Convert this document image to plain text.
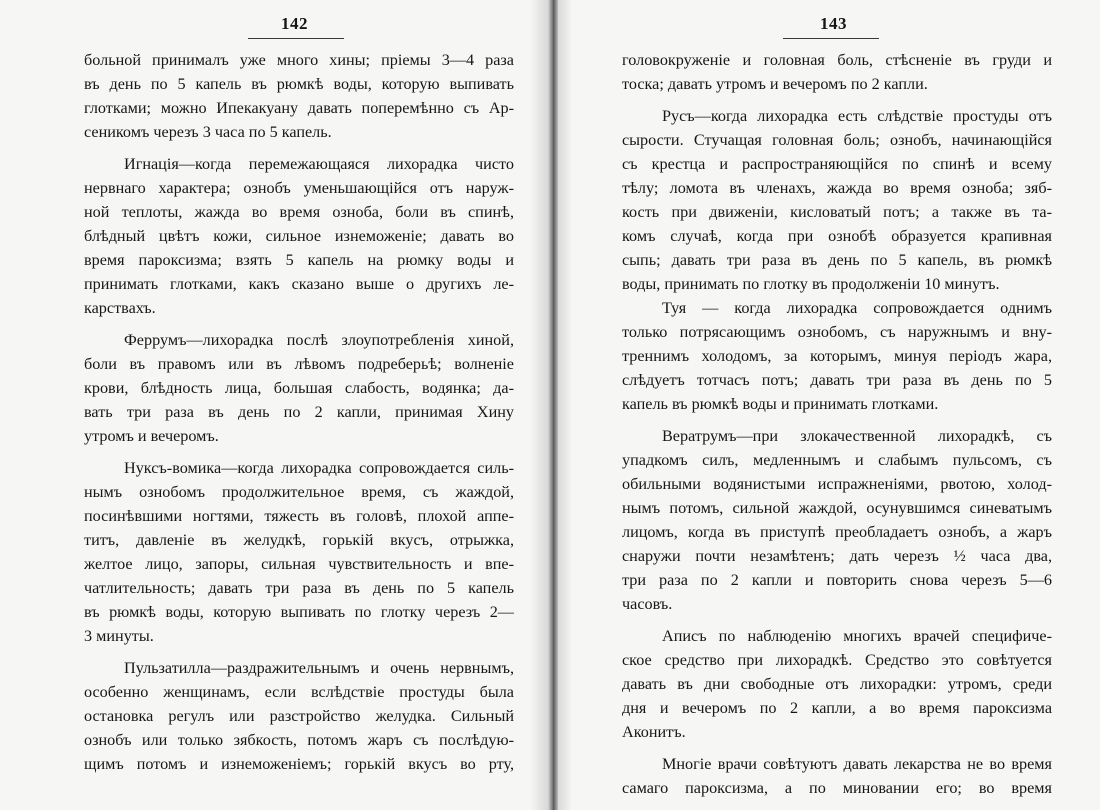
142
больной принималъ уже много хины; пріемы 3—4 раза
въ день по 5 капель въ рюмкѣ воды, которую выпивать
глотками; можно Ипекакуану давать поперемѣнно съ Ар-
сеникомъ черезъ 3 часа по 5 капель.
Игнація—когда перемежающаяся лихорадка чисто
нервнаго характера; ознобъ уменьшающійся отъ наруж-
ной теплоты, жажда во время озноба, боли въ спинѣ,
блѣдный цвѣтъ кожи, сильное изнеможеніе; давать во
время пароксизма; взять 5 капель на рюмку воды и
принимать глотками, какъ сказано выше о другихъ ле-
карствахъ.
Феррумъ—лихорадка послѣ злоупотребленія хиной,
боли въ правомъ или въ лѣвомъ подреберьѣ; волненіе
крови, блѣдность лица, большая слабость, водянка; да-
вать три раза въ день по 2 капли, принимая Хину
утромъ и вечеромъ.
Нуксъ-вомика—когда лихорадка сопровождается силь-
нымъ ознобомъ продолжительное время, съ жаждой,
посинѣвшими ногтями, тяжесть въ головѣ, плохой аппе-
титъ, давленіе въ желудкѣ, горькій вкусъ, отрыжка,
желтое лицо, запоры, сильная чувствительность и впе-
чатлительность; давать три раза въ день по 5 капель
въ рюмкѣ воды, которую выпивать по глотку черезъ 2—
3 минуты.
Пульзатилла—раздражительнымъ и очень нервнымъ,
особенно женщинамъ, если вслѣдствіе простуды была
остановка регулъ или разстройство желудка. Сильный
ознобъ или только зябкость, потомъ жаръ съ послѣдую-
щимъ потомъ и изнеможеніемъ; горькій вкусъ во рту,
143
головокруженіе и головная боль, стѣсненіе въ груди и
тоска; давать утромъ и вечеромъ по 2 капли.
Русъ—когда лихорадка есть слѣдствіе простуды отъ
сырости. Стучащая головная боль; ознобъ, начинающійся
съ крестца и распространяющійся по спинѣ и всему
тѣлу; ломота въ членахъ, жажда во время озноба; зяб-
кость при движеніи, кисловатый потъ; а также въ та-
комъ случаѣ, когда при ознобѣ образуется крапивная
сыпь; давать три раза въ день по 5 капель, въ рюмкѣ
воды, принимать по глотку въ продолженіи 10 минутъ.
Туя — когда лихорадка сопровождается однимъ
только потрясающимъ ознобомъ, съ наружнымъ и вну-
треннимъ холодомъ, за которымъ, минуя періодъ жара,
слѣдуетъ тотчасъ потъ; давать три раза въ день по 5
капель въ рюмкѣ воды и принимать глотками.
Вератрумъ—при злокачественной лихорадкѣ, съ
упадкомъ силъ, медленнымъ и слабымъ пульсомъ, съ
обильными водянистыми испражненіями, рвотою, холод-
нымъ потомъ, сильной жаждой, осунувшимся синеватымъ
лицомъ, когда въ приступѣ преобладаетъ ознобъ, а жаръ
снаружи почти незамѣтенъ; дать черезъ ½ часа два,
три раза по 2 капли и повторить снова черезъ 5—6
часовъ.
Аписъ по наблюденію многихъ врачей специфиче-
ское средство при лихорадкѣ. Средство это совѣтуется
давать въ дни свободные отъ лихорадки: утромъ, среди
дня и вечеромъ по 2 капли, а во время пароксизма
Аконитъ.
Многіе врачи совѣтуютъ давать лекарства не во время
самаго пароксизма, а по миновании его; во время
